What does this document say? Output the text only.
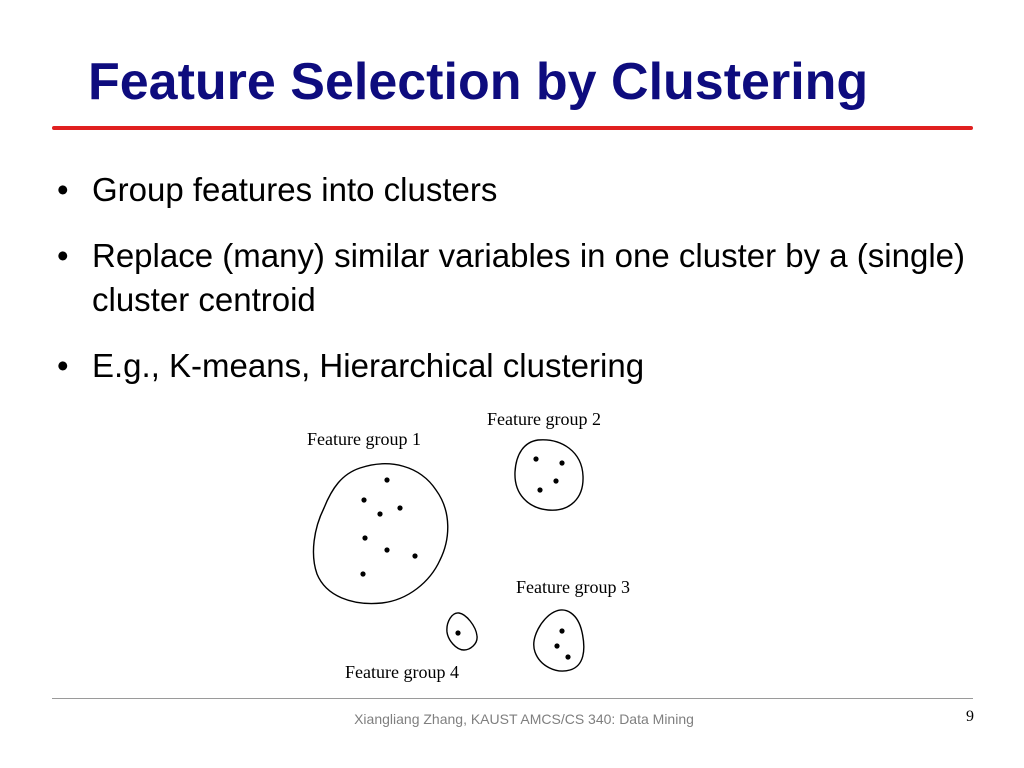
Feature Selection by Clustering
• Group features into clusters
• Replace (many) similar variables in one cluster by a (single) cluster centroid
• E.g., K-means, Hierarchical clustering
Feature group 1
Feature group 2
Feature group 3
Feature group 4
Xiangliang Zhang, KAUST AMCS/CS 340: Data Mining	9
